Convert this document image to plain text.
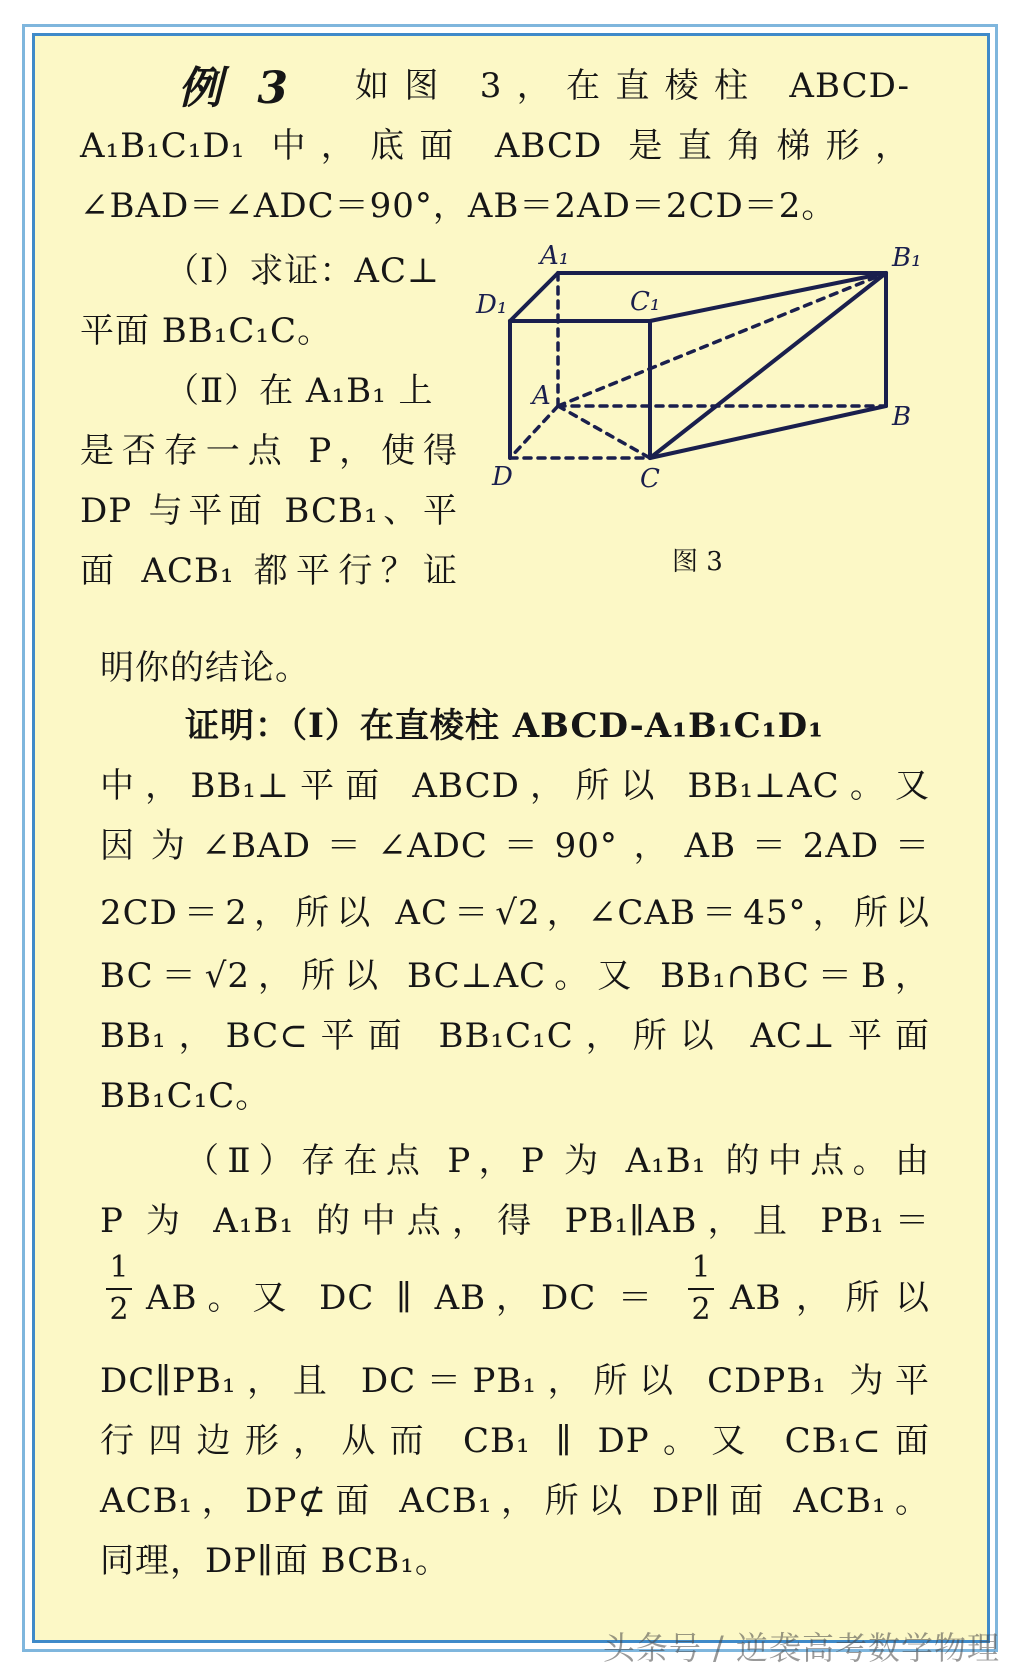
例 3 如图 3，在直棱柱 ABCD-
A₁B₁C₁D₁ 中，底面 ABCD 是直角梯形，
∠BAD＝∠ADC＝90°，AB＝2AD＝2CD＝2。
（Ⅰ）求证：AC⊥
平面 BB₁C₁C。
（Ⅱ）在 A₁B₁ 上
是否存一点 P，使得
DP 与平面 BCB₁、平
面 ACB₁ 都平行？证
明你的结论。
A₁	B₁
C₁
D₁
A
B
C
D
图 3
证明：（Ⅰ）在直棱柱 ABCD-A₁B₁C₁D₁
中，BB₁⊥平面 ABCD，所以 BB₁⊥AC。又
因为∠BAD＝∠ADC＝90°，AB＝2AD＝
2CD＝2，所以 AC＝√2，∠CAB＝45°，所以
BC＝√2，所以 BC⊥AC。又 BB₁∩BC＝B，
BB₁，BC⊂平面 BB₁C₁C，所以 AC⊥平面
BB₁C₁C。
（Ⅱ）存在点 P，P 为 A₁B₁ 的中点。由
P 为 A₁B₁ 的中点，得 PB₁∥AB，且 PB₁＝
1
2 AB。又 DC ∥ AB，DC ＝
1
2 AB，所以
DC∥PB₁，且 DC＝PB₁，所以 CDPB₁ 为平
行四边形，从而 CB₁ ∥ DP。又 CB₁⊂面
ACB₁，DP⊄面 ACB₁，所以 DP∥面 ACB₁。
同理，DP∥面 BCB₁。
头条号 / 逆袭高考数学物理
